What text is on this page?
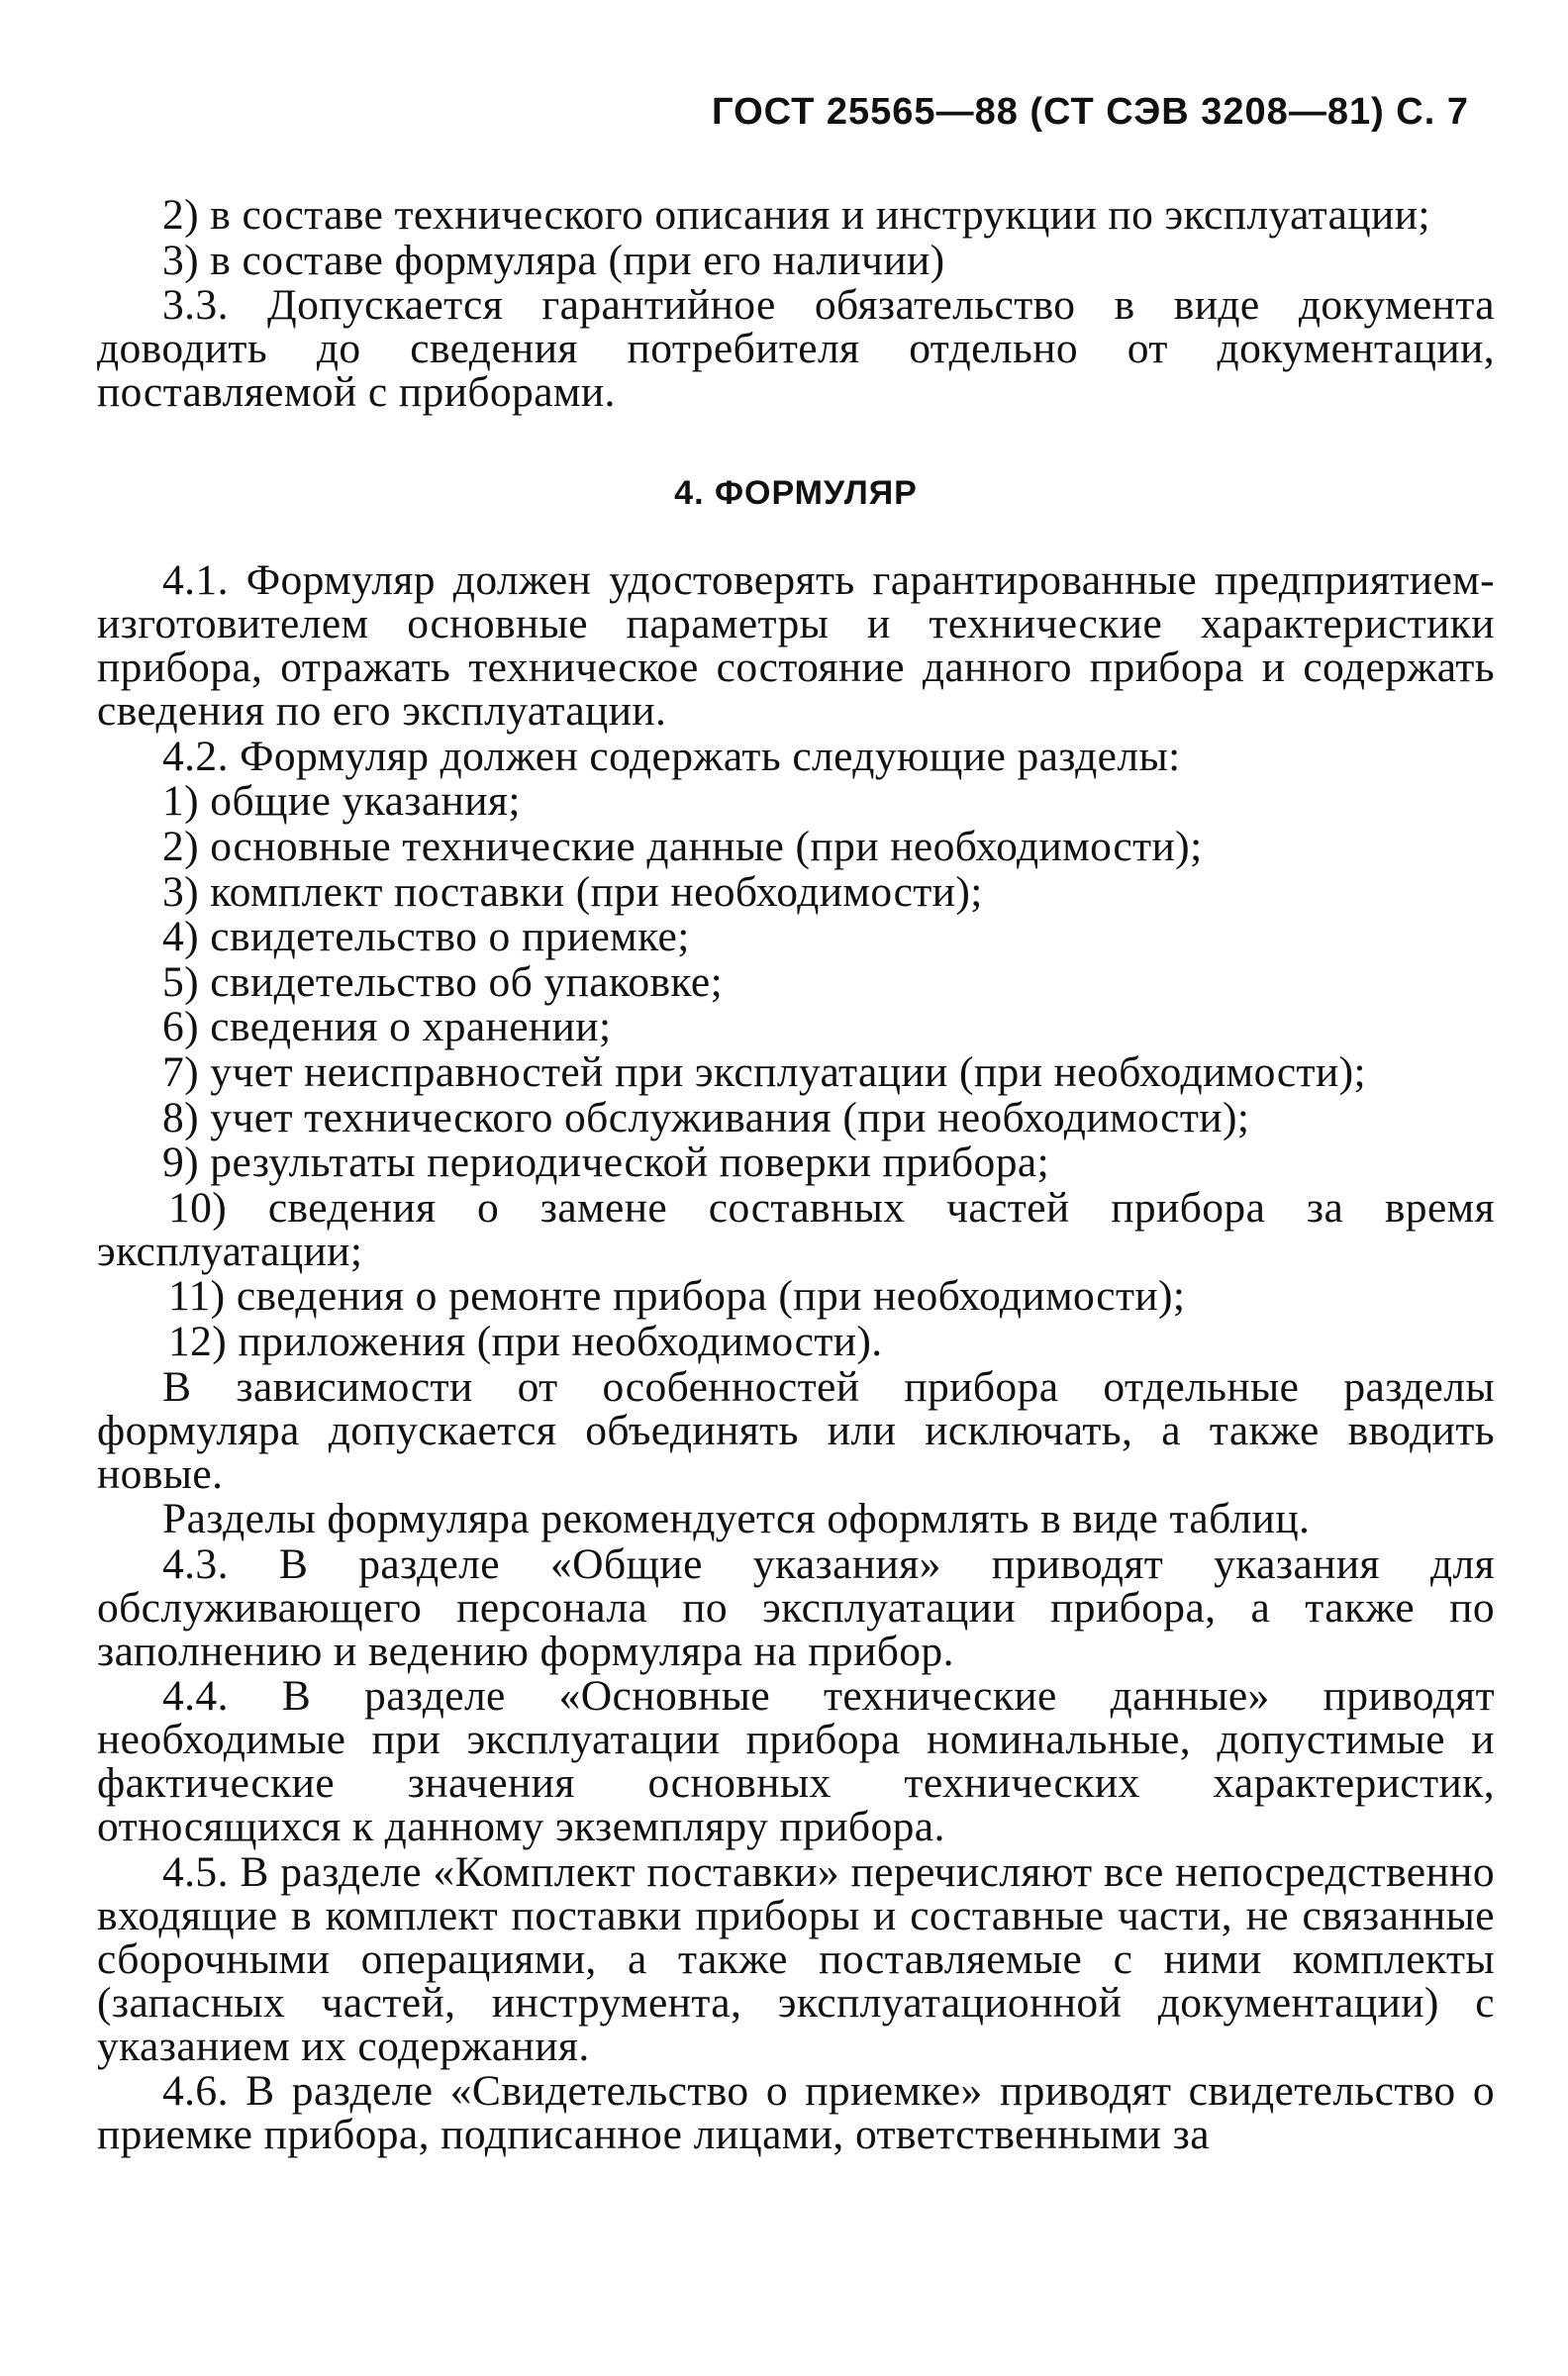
ГОСТ 25565—88 (СТ СЭВ 3208—81) С. 7

2) в составе технического описания и инструкции по эксплуатации;

3) в составе формуляра (при его наличии)

3.3. Допускается гарантийное обязательство в виде документа доводить до сведения потребителя отдельно от документации, поставляемой с приборами.

4. ФОРМУЛЯР

4.1. Формуляр должен удостоверять гарантированные предприятием-изготовителем основные параметры и технические характеристики прибора, отражать техническое состояние данного прибора и содержать сведения по его эксплуатации.

4.2. Формуляр должен содержать следующие разделы:

1) общие указания;

2) основные технические данные (при необходимости);

3) комплект поставки (при необходимости);

4) свидетельство о приемке;

5) свидетельство об упаковке;

6) сведения о хранении;

7) учет неисправностей при эксплуатации (при необходимости);

8) учет технического обслуживания (при необходимости);

9) результаты периодической поверки прибора;

10) сведения о замене составных частей прибора за время эксплуатации;

11) сведения о ремонте прибора (при необходимости);

12) приложения (при необходимости).

В зависимости от особенностей прибора отдельные разделы формуляра допускается объединять или исключать, а также вводить новые.

Разделы формуляра рекомендуется оформлять в виде таблиц.

4.3. В разделе «Общие указания» приводят указания для обслуживающего персонала по эксплуатации прибора, а также по заполнению и ведению формуляра на прибор.

4.4. В разделе «Основные технические данные» приводят необходимые при эксплуатации прибора номинальные, допустимые и фактические значения основных технических характеристик, относящихся к данному экземпляру прибора.

4.5. В разделе «Комплект поставки» перечисляют все непосредственно входящие в комплект поставки приборы и составные части, не связанные сборочными операциями, а также поставляемые с ними комплекты (запасных частей, инструмента, эксплуатационной документации) с указанием их содержания.

4.6. В разделе «Свидетельство о приемке» приводят свидетельство о приемке прибора, подписанное лицами, ответственными за
